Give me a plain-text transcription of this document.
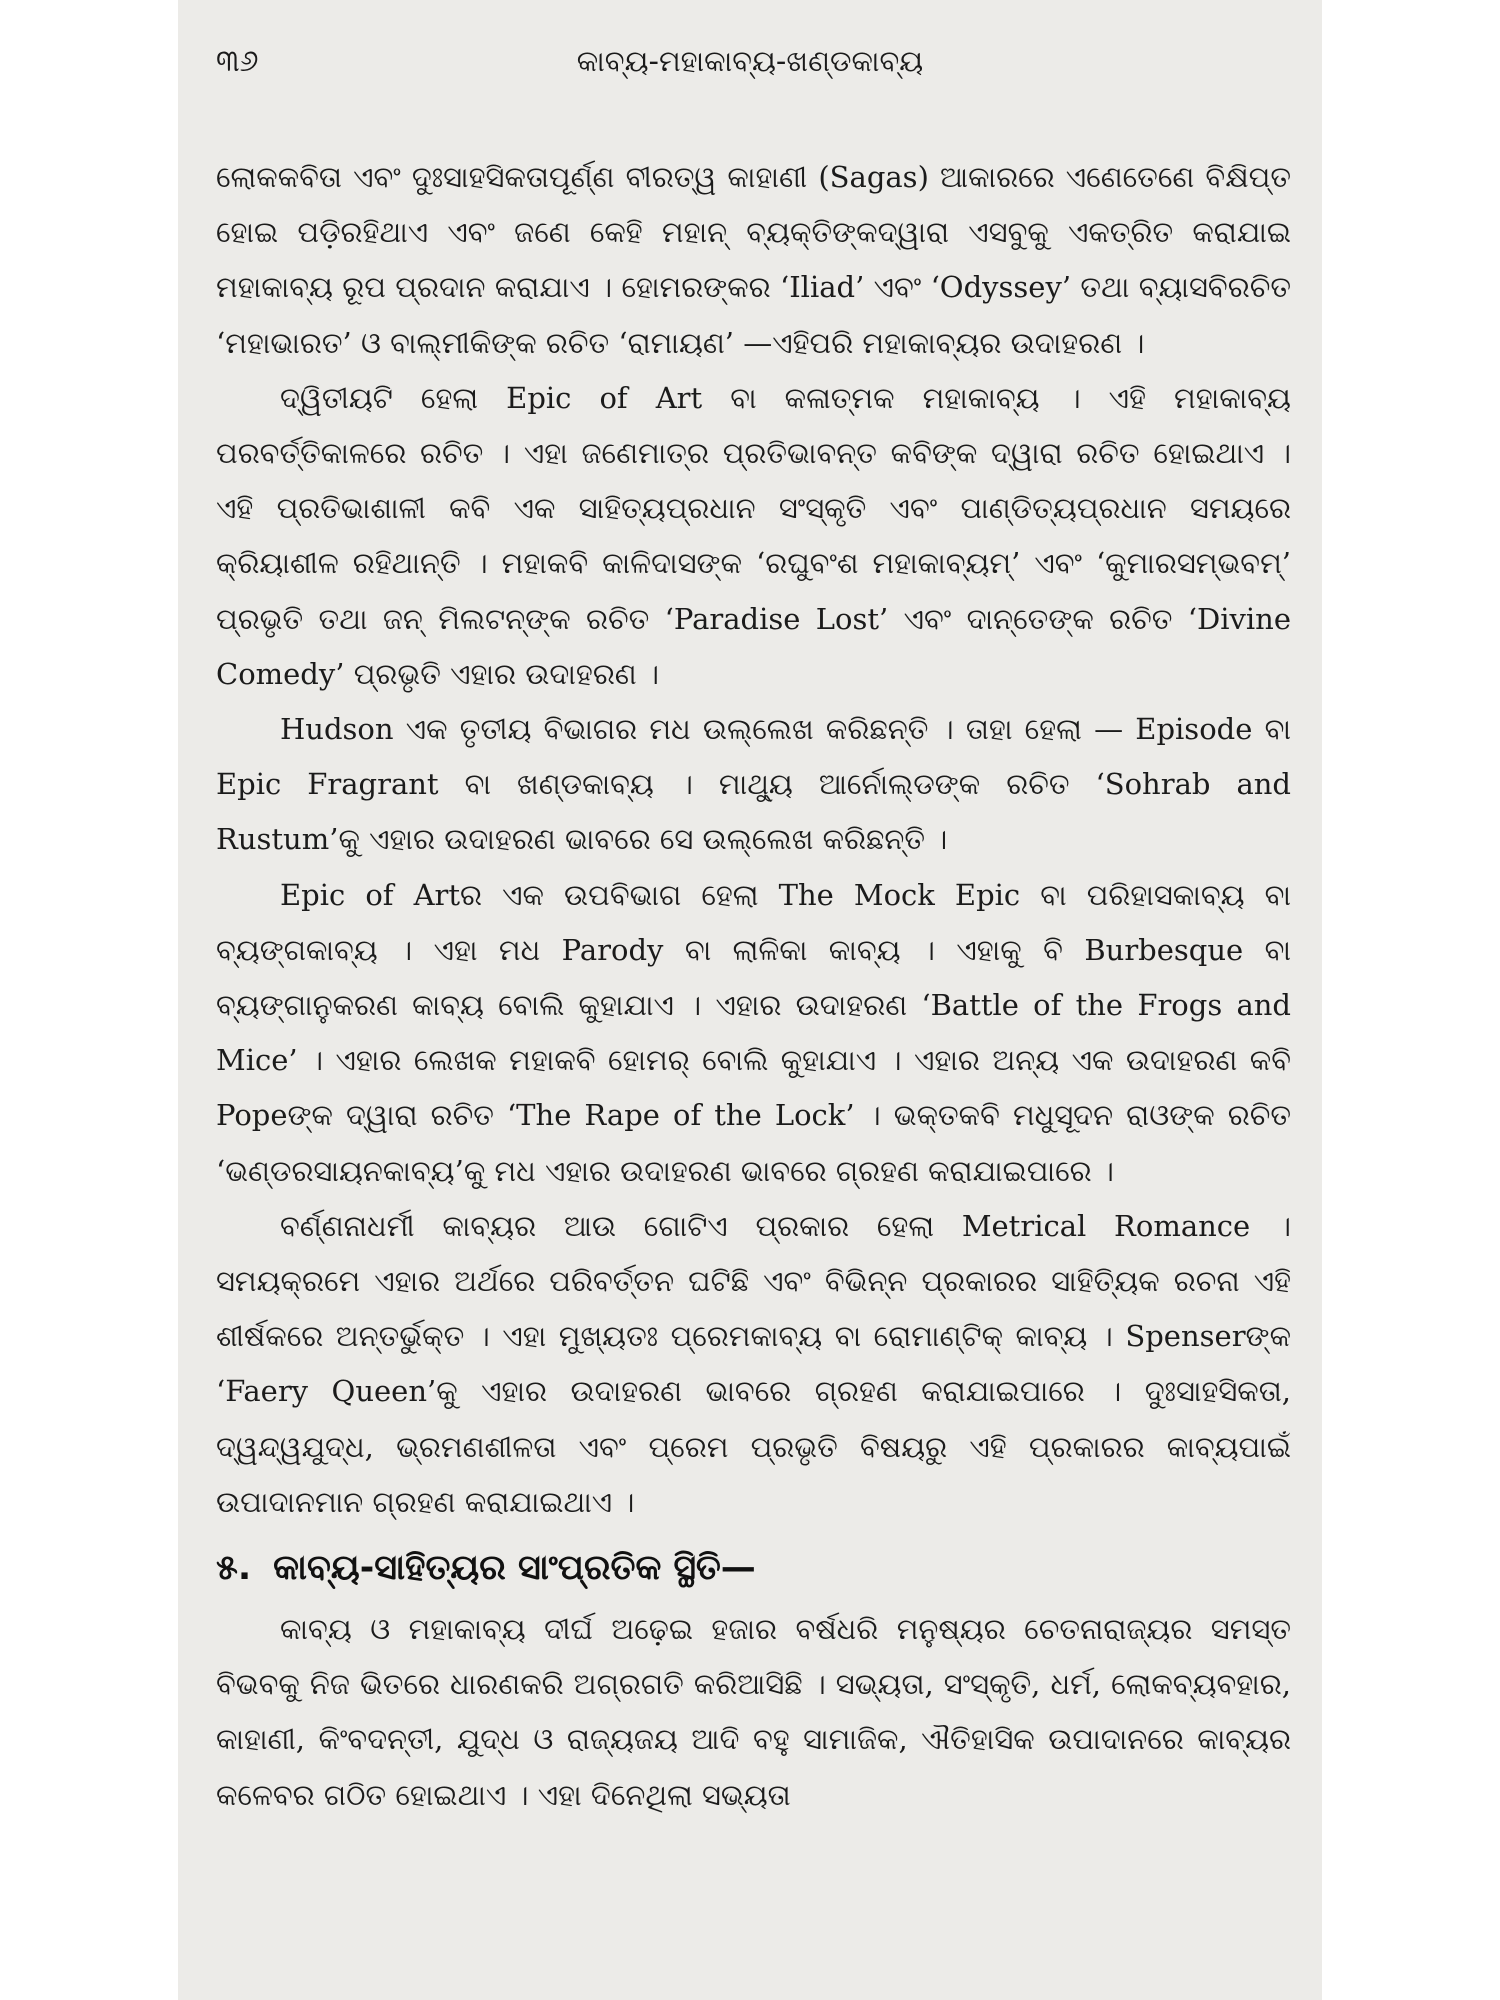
୩୬	କାବ୍ୟ-ମହାକାବ୍ୟ-ଖଣ୍ଡକାବ୍ୟ

ଲୋକକବିତା ଏବଂ ଦୁଃସାହସିକତାପୂର୍ଣ୍ଣ ବୀରତ୍ୱ କାହାଣୀ (Sagas) ଆକାରରେ ଏଣେତେଣେ ବିକ୍ଷିପ୍ତ ହୋଇ ପଡ଼ିରହିଥାଏ ଏବଂ ଜଣେ କେହି ମହାନ୍ ବ୍ୟକ୍ତିଙ୍କଦ୍ୱାରା ଏସବୁକୁ ଏକତ୍ରିତ କରାଯାଇ ମହାକାବ୍ୟ ରୂପ ପ୍ରଦାନ କରାଯାଏ । ହୋମରଙ୍କର ‘Iliad’ ଏବଂ ‘Odyssey’ ତଥା ବ୍ୟାସବିରଚିତ ‘ମହାଭାରତ’ ଓ ବାଲ୍ମୀକିଙ୍କ ରଚିତ ‘ରାମାୟଣ’ —ଏହିପରି ମହାକାବ୍ୟର ଉଦାହରଣ ।

ଦ୍ୱିତୀୟଟି ହେଲା Epic of Art ବା କଳାତ୍ମକ ମହାକାବ୍ୟ । ଏହି ମହାକାବ୍ୟ ପରବର୍ତ୍ତିକାଳରେ ରଚିତ । ଏହା ଜଣେମାତ୍ର ପ୍ରତିଭାବନ୍ତ କବିଙ୍କ ଦ୍ୱାରା ରଚିତ ହୋଇଥାଏ । ଏହି ପ୍ରତିଭାଶାଳୀ କବି ଏକ ସାହିତ୍ୟପ୍ରଧାନ ସଂସ୍କୃତି ଏବଂ ପାଣ୍ଡିତ୍ୟପ୍ରଧାନ ସମୟରେ କ୍ରିୟାଶୀଳ ରହିଥାନ୍ତି । ମହାକବି କାଳିଦାସଙ୍କ ‘ରଘୁବଂଶ ମହାକାବ୍ୟମ୍’ ଏବଂ ‘କୁମାରସମ୍ଭବମ୍’ ପ୍ରଭୃତି ତଥା ଜନ୍ ମିଲଟନ୍‌ଙ୍କ ରଚିତ ‘Paradise Lost’ ଏବଂ ଦାନ୍ତେଙ୍କ ରଚିତ ‘Divine Comedy’ ପ୍ରଭୃତି ଏହାର ଉଦାହରଣ ।

Hudson ଏକ ତୃତୀୟ ବିଭାଗର ମଧ ଉଲ୍ଲେଖ କରିଛନ୍ତି । ତାହା ହେଲା — Episode ବା Epic Fragrant ବା ଖଣ୍ଡକାବ୍ୟ । ମାଥ୍ୟୁ ଆର୍ନୋଲ୍ଡଙ୍କ ରଚିତ ‘Sohrab and Rustum’କୁ ଏହାର ଉଦାହରଣ ଭାବରେ ସେ ଉଲ୍ଲେଖ କରିଛନ୍ତି ।

Epic of Artର ଏକ ଉପବିଭାଗ ହେଲା The Mock Epic ବା ପରିହାସକାବ୍ୟ ବା ବ୍ୟଙ୍ଗକାବ୍ୟ । ଏହା ମଧ Parody ବା ଲାଳିକା କାବ୍ୟ । ଏହାକୁ ବି Burbesque ବା ବ୍ୟଙ୍ଗାନୁକରଣ କାବ୍ୟ ବୋଲି କୁହାଯାଏ । ଏହାର ଉଦାହରଣ ‘Battle of the Frogs and Mice’ । ଏହାର ଲେଖକ ମହାକବି ହୋମର୍ ବୋଲି କୁହାଯାଏ । ଏହାର ଅନ୍ୟ ଏକ ଉଦାହରଣ କବି Popeଙ୍କ ଦ୍ୱାରା ରଚିତ ‘The Rape of the Lock’ । ଭକ୍ତକବି ମଧୁସୂଦନ ରାଓଙ୍କ ରଚିତ ‘ଭଣ୍ଡରସାୟନକାବ୍ୟ’କୁ ମଧ ଏହାର ଉଦାହରଣ ଭାବରେ ଗ୍ରହଣ କରାଯାଇପାରେ ।

ବର୍ଣ୍ଣନାଧର୍ମୀ କାବ୍ୟର ଆଉ ଗୋଟିଏ ପ୍ରକାର ହେଲା Metrical Romance । ସମୟକ୍ରମେ ଏହାର ଅର୍ଥରେ ପରିବର୍ତ୍ତନ ଘଟିଛି ଏବଂ ବିଭିନ୍ନ ପ୍ରକାରର ସାହିତ୍ୟିକ ରଚନା ଏହି ଶୀର୍ଷକରେ ଅନ୍ତର୍ଭୁକ୍ତ । ଏହା ମୁଖ୍ୟତଃ ପ୍ରେମକାବ୍ୟ ବା ରୋମାଣ୍ଟିକ୍ କାବ୍ୟ । Spenserଙ୍କ ‘Faery Queen’କୁ ଏହାର ଉଦାହରଣ ଭାବରେ ଗ୍ରହଣ କରାଯାଇପାରେ । ଦୁଃସାହସିକତା, ଦ୍ୱନ୍ଦ୍ୱଯୁଦ୍ଧ, ଭ୍ରମଣଶୀଳତା ଏବଂ ପ୍ରେମ ପ୍ରଭୃତି ବିଷୟରୁ ଏହି ପ୍ରକାରର କାବ୍ୟପାଇଁ ଉପାଦାନମାନ ଗ୍ରହଣ କରାଯାଇଥାଏ ।

୫. କାବ୍ୟ-ସାହିତ୍ୟର ସାଂପ୍ରତିକ ସ୍ଥିତି—

କାବ୍ୟ ଓ ମହାକାବ୍ୟ ଦୀର୍ଘ ଅଢ଼େଇ ହଜାର ବର୍ଷଧରି ମନୁଷ୍ୟର ଚେତନାରାଜ୍ୟର ସମସ୍ତ ବିଭବକୁ ନିଜ ଭିତରେ ଧାରଣକରି ଅଗ୍ରଗତି କରିଆସିଛି । ସଭ୍ୟତା, ସଂସ୍କୃତି, ଧର୍ମ, ଲୋକବ୍ୟବହାର, କାହାଣୀ, କିଂବଦନ୍ତୀ, ଯୁଦ୍ଧ ଓ ରାଜ୍ୟଜୟ ଆଦି ବହୁ ସାମାଜିକ, ଐତିହାସିକ ଉପାଦାନରେ କାବ୍ୟର କଳେବର ଗଠିତ ହୋଇଥାଏ । ଏହା ଦିନେଥିଲା ସଭ୍ୟତା
